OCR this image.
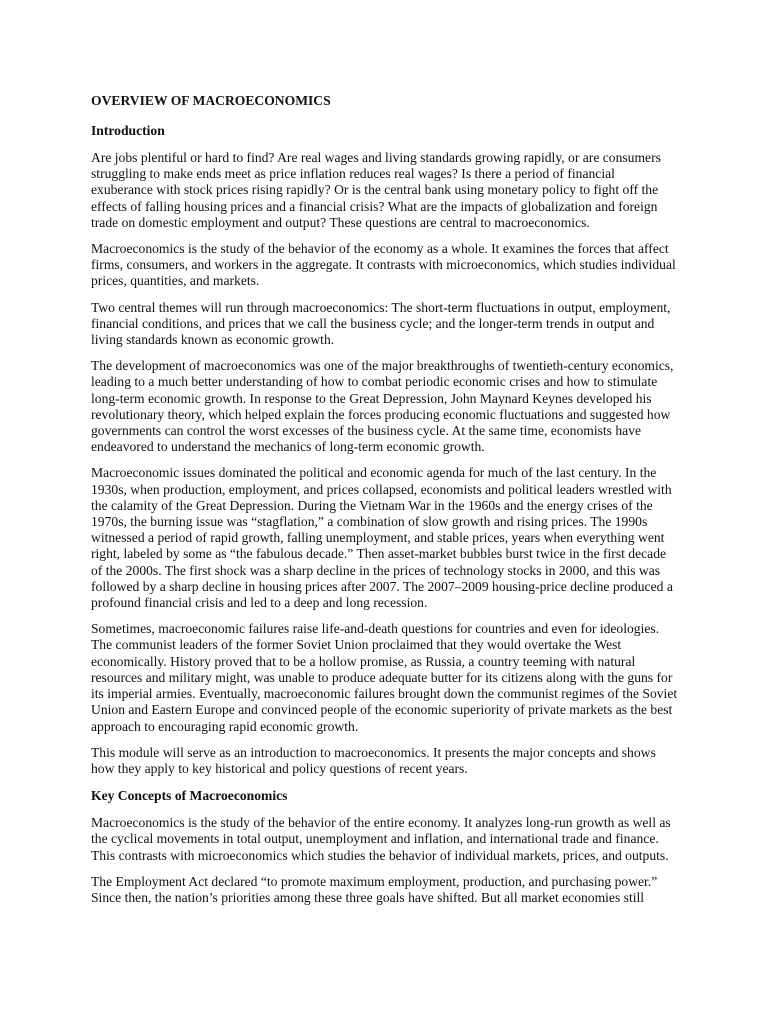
OVERVIEW OF MACROECONOMICS
Introduction

Are jobs plentiful or hard to find? Are real wages and living standards growing rapidly, or are consumers struggling to make ends meet as price inflation reduces real wages? Is there a period of financial exuberance with stock prices rising rapidly? Or is the central bank using monetary policy to fight off the effects of falling housing prices and a financial crisis? What are the impacts of globalization and foreign trade on domestic employment and output? These questions are central to macroeconomics.

Macroeconomics is the study of the behavior of the economy as a whole. It examines the forces that affect firms, consumers, and workers in the aggregate. It contrasts with microeconomics, which studies individual prices, quantities, and markets.

Two central themes will run through macroeconomics: The short-term fluctuations in output, employment, financial conditions, and prices that we call the business cycle; and the longer-term trends in output and living standards known as economic growth.

The development of macroeconomics was one of the major breakthroughs of twentieth-century economics, leading to a much better understanding of how to combat periodic economic crises and how to stimulate long-term economic growth. In response to the Great Depression, John Maynard Keynes developed his revolutionary theory, which helped explain the forces producing economic fluctuations and suggested how governments can control the worst excesses of the business cycle. At the same time, economists have endeavored to understand the mechanics of long-term economic growth.

Macroeconomic issues dominated the political and economic agenda for much of the last century. In the 1930s, when production, employment, and prices collapsed, economists and political leaders wrestled with the calamity of the Great Depression. During the Vietnam War in the 1960s and the energy crises of the 1970s, the burning issue was “stagflation,” a combination of slow growth and rising prices. The 1990s witnessed a period of rapid growth, falling unemployment, and stable prices, years when everything went right, labeled by some as “the fabulous decade.” Then asset-market bubbles burst twice in the first decade of the 2000s. The first shock was a sharp decline in the prices of technology stocks in 2000, and this was followed by a sharp decline in housing prices after 2007. The 2007–2009 housing-price decline produced a profound financial crisis and led to a deep and long recession.

Sometimes, macroeconomic failures raise life-and-death questions for countries and even for ideologies. The communist leaders of the former Soviet Union proclaimed that they would overtake the West economically. History proved that to be a hollow promise, as Russia, a country teeming with natural resources and military might, was unable to produce adequate butter for its citizens along with the guns for its imperial armies. Eventually, macroeconomic failures brought down the communist regimes of the Soviet Union and Eastern Europe and convinced people of the economic superiority of private markets as the best approach to encouraging rapid economic growth.

This module will serve as an introduction to macroeconomics. It presents the major concepts and shows how they apply to key historical and policy questions of recent years.

Key Concepts of Macroeconomics

Macroeconomics is the study of the behavior of the entire economy. It analyzes long-run growth as well as the cyclical movements in total output, unemployment and inflation, and international trade and finance. This contrasts with microeconomics which studies the behavior of individual markets, prices, and outputs.

The Employment Act declared “to promote maximum employment, production, and purchasing power.” Since then, the nation’s priorities among these three goals have shifted. But all market economies still
